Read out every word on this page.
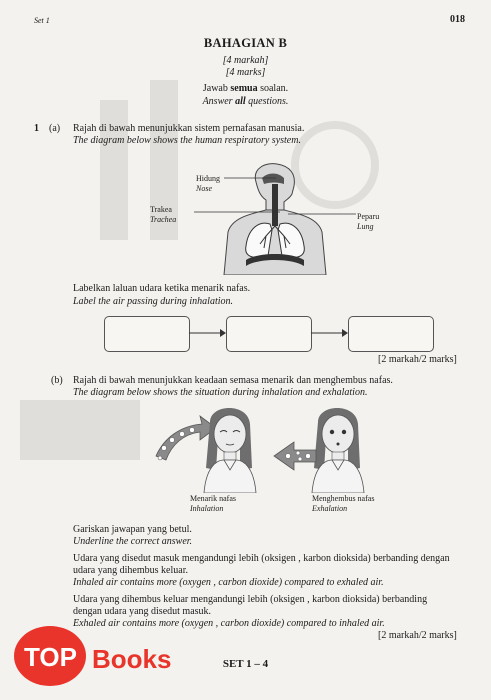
Set 1	018
BAHAGIAN B
[4 markah]
[4 marks]
Jawab semua soalan.
Answer all questions.
1 (a) Rajah di bawah menunjukkan sistem pernafasan manusia.
The diagram below shows the human respiratory system.
Hidung
Nose
Trakea
Trachea	Peparu
Lung
Labelkan laluan udara ketika menarik nafas.
Label the air passing during inhalation.
[2 markah/2 marks]
(b) Rajah di bawah menunjukkan keadaan semasa menarik dan menghembus nafas.
The diagram below shows the situation during inhalation and exhalation.
Menarik nafas
Inhalation
Menghembus nafas
Exhalation
Gariskan jawapan yang betul.
Underline the correct answer.
Udara yang disedut masuk mengandungi lebih (oksigen , karbon dioksida) berbanding dengan
udara yang dihembus keluar.
Inhaled air contains more (oxygen , carbon dioxide) compared to exhaled air.
Udara yang dihembus keluar mengandungi lebih (oksigen , karbon dioksida) berbanding
dengan udara yang disedut masuk.
Exhaled air contains more (oxygen , carbon dioxide) compared to inhaled air.
[2 markah/2 marks]
SET 1 – 4
TOP Books
